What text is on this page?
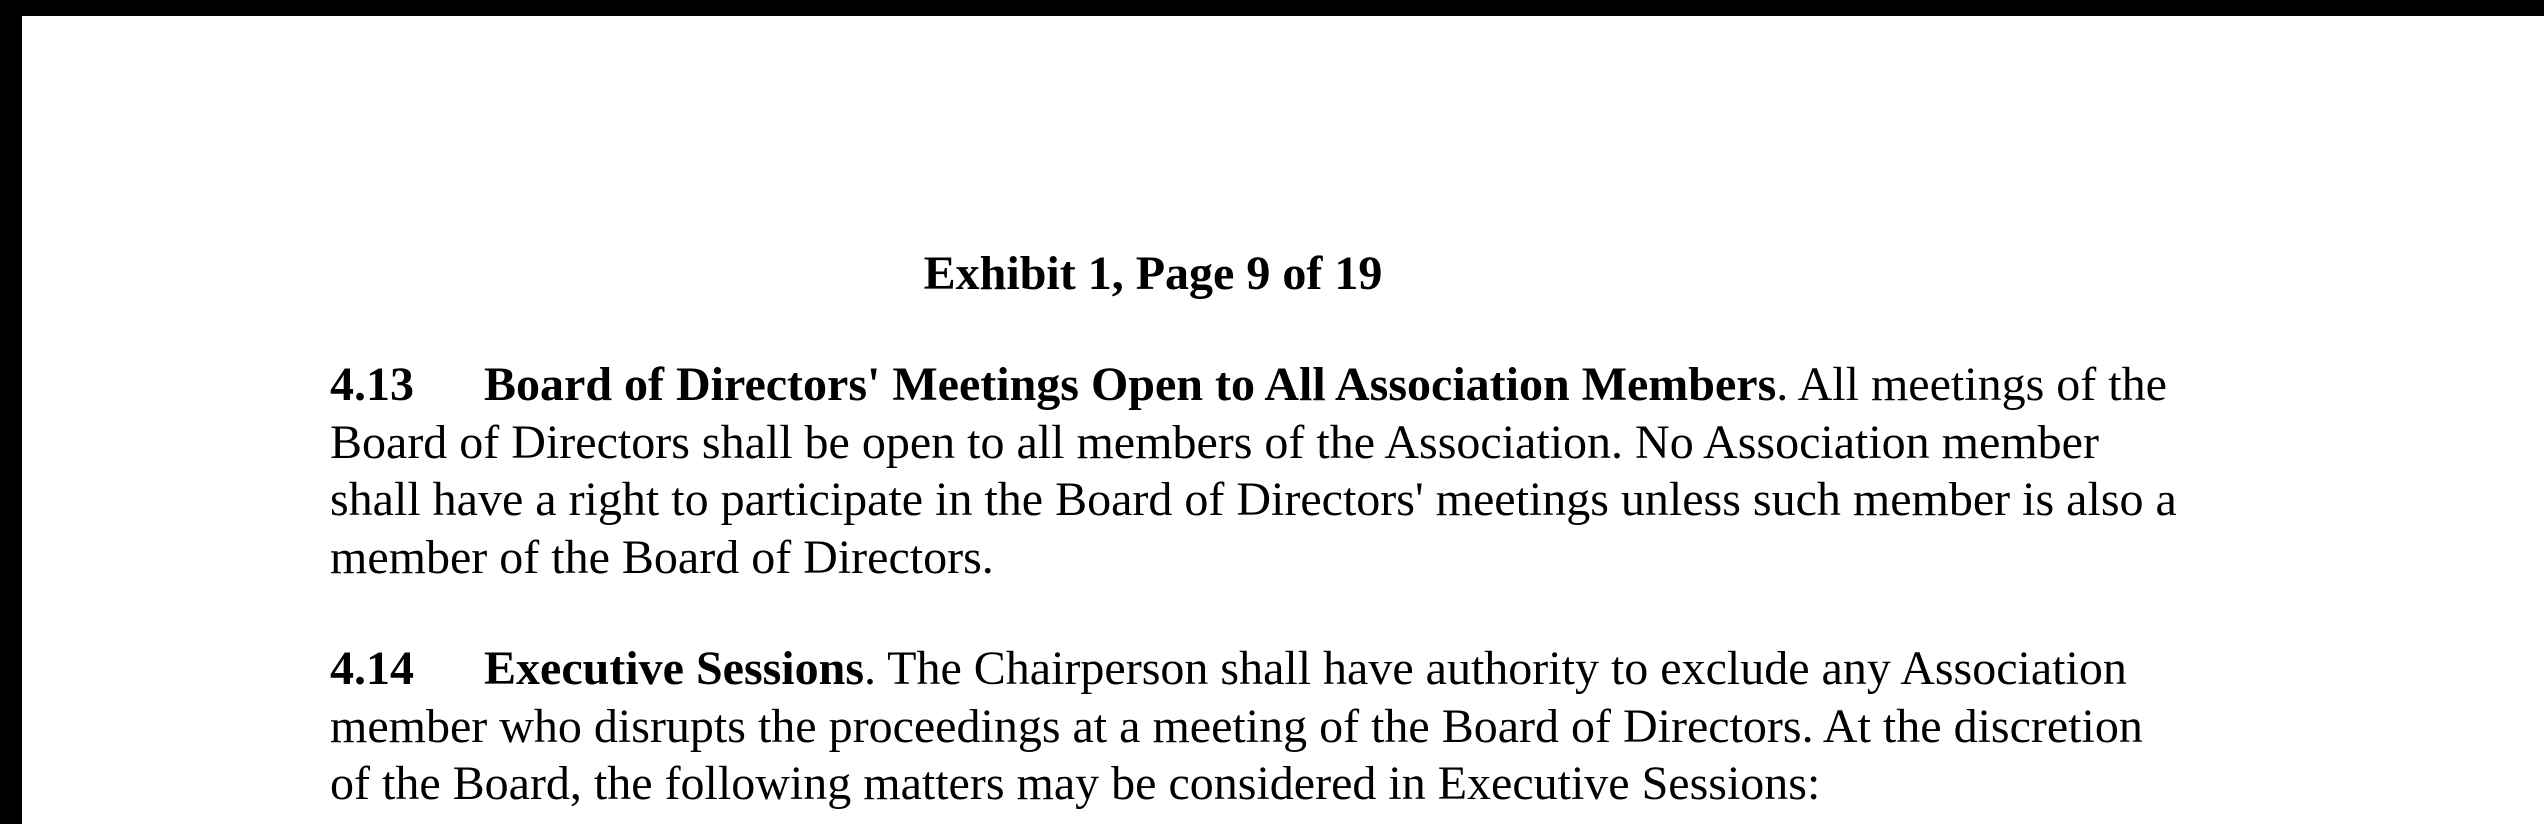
Exhibit 1, Page 9 of 19

4.13 Board of Directors' Meetings Open to All Association Members. All meetings of the

Board of Directors shall be open to all members of the Association. No Association member

shall have a right to participate in the Board of Directors' meetings unless such member is also a

member of the Board of Directors.

4.14 Executive Sessions. The Chairperson shall have authority to exclude any Association

member who disrupts the proceedings at a meeting of the Board of Directors. At the discretion

of the Board, the following matters may be considered in Executive Sessions:
